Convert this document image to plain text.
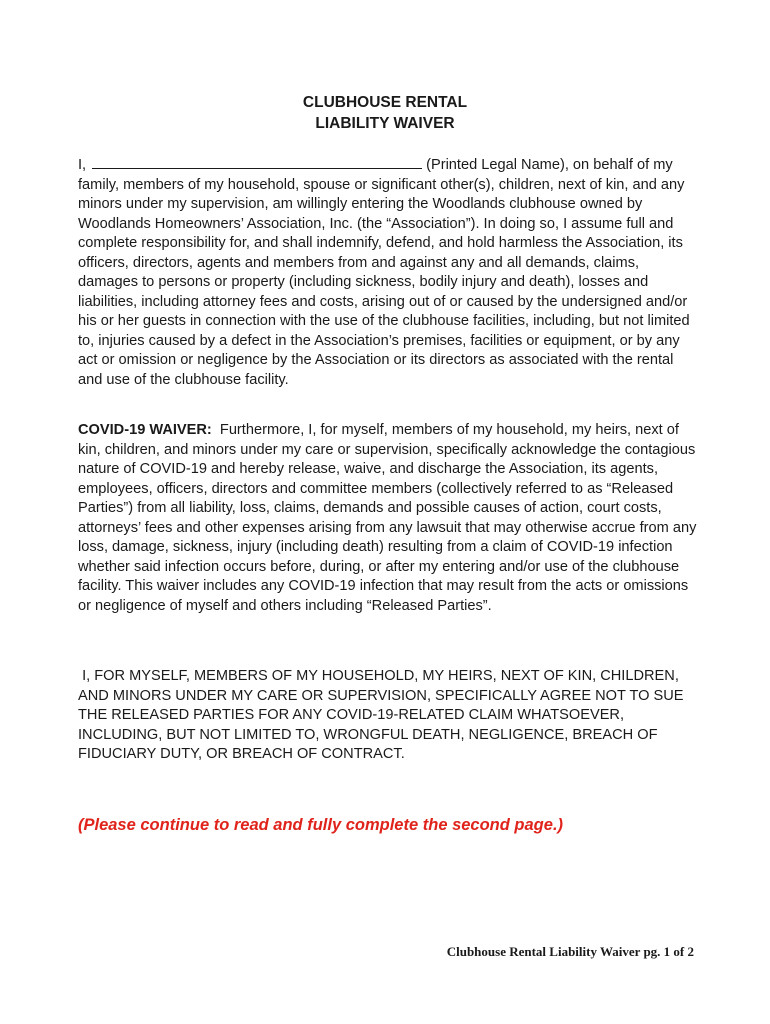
CLUBHOUSE RENTAL
LIABILITY WAIVER

I,	(Printed Legal Name), on behalf of my family, members of my household, spouse or significant other(s), children, next of kin, and any minors under my supervision, am willingly entering the Woodlands clubhouse owned by Woodlands Homeowners’ Association, Inc. (the “Association”). In doing so, I assume full and complete responsibility for, and shall indemnify, defend, and hold harmless the Association, its officers, directors, agents and members from and against any and all demands, claims, damages to persons or property (including sickness, bodily injury and death), losses and liabilities, including attorney fees and costs, arising out of or caused by the undersigned and/or his or her guests in connection with the use of the clubhouse facilities, including, but not limited to, injuries caused by a defect in the Association’s premises, facilities or equipment, or by any act or omission or negligence by the Association or its directors as associated with the rental and use of the clubhouse facility.

COVID-19 WAIVER: Furthermore, I, for myself, members of my household, my heirs, next of kin, children, and minors under my care or supervision, specifically acknowledge the contagious nature of COVID-19 and hereby release, waive, and discharge the Association, its agents, employees, officers, directors and committee members (collectively referred to as “Released Parties”) from all liability, loss, claims, demands and possible causes of action, court costs, attorneys’ fees and other expenses arising from any lawsuit that may otherwise accrue from any loss, damage, sickness, injury (including death) resulting from a claim of COVID-19 infection whether said infection occurs before, during, or after my entering and/or use of the clubhouse facility. This waiver includes any COVID-19 infection that may result from the acts or omissions or negligence of myself and others including “Released Parties”.

I, FOR MYSELF, MEMBERS OF MY HOUSEHOLD, MY HEIRS, NEXT OF KIN, CHILDREN, AND MINORS UNDER MY CARE OR SUPERVISION, SPECIFICALLY AGREE NOT TO SUE THE RELEASED PARTIES FOR ANY COVID-19-RELATED CLAIM WHATSOEVER, INCLUDING, BUT NOT LIMITED TO, WRONGFUL DEATH, NEGLIGENCE, BREACH OF FIDUCIARY DUTY, OR BREACH OF CONTRACT.

(Please continue to read and fully complete the second page.)
Clubhouse Rental Liability Waiver pg. 1 of 2
